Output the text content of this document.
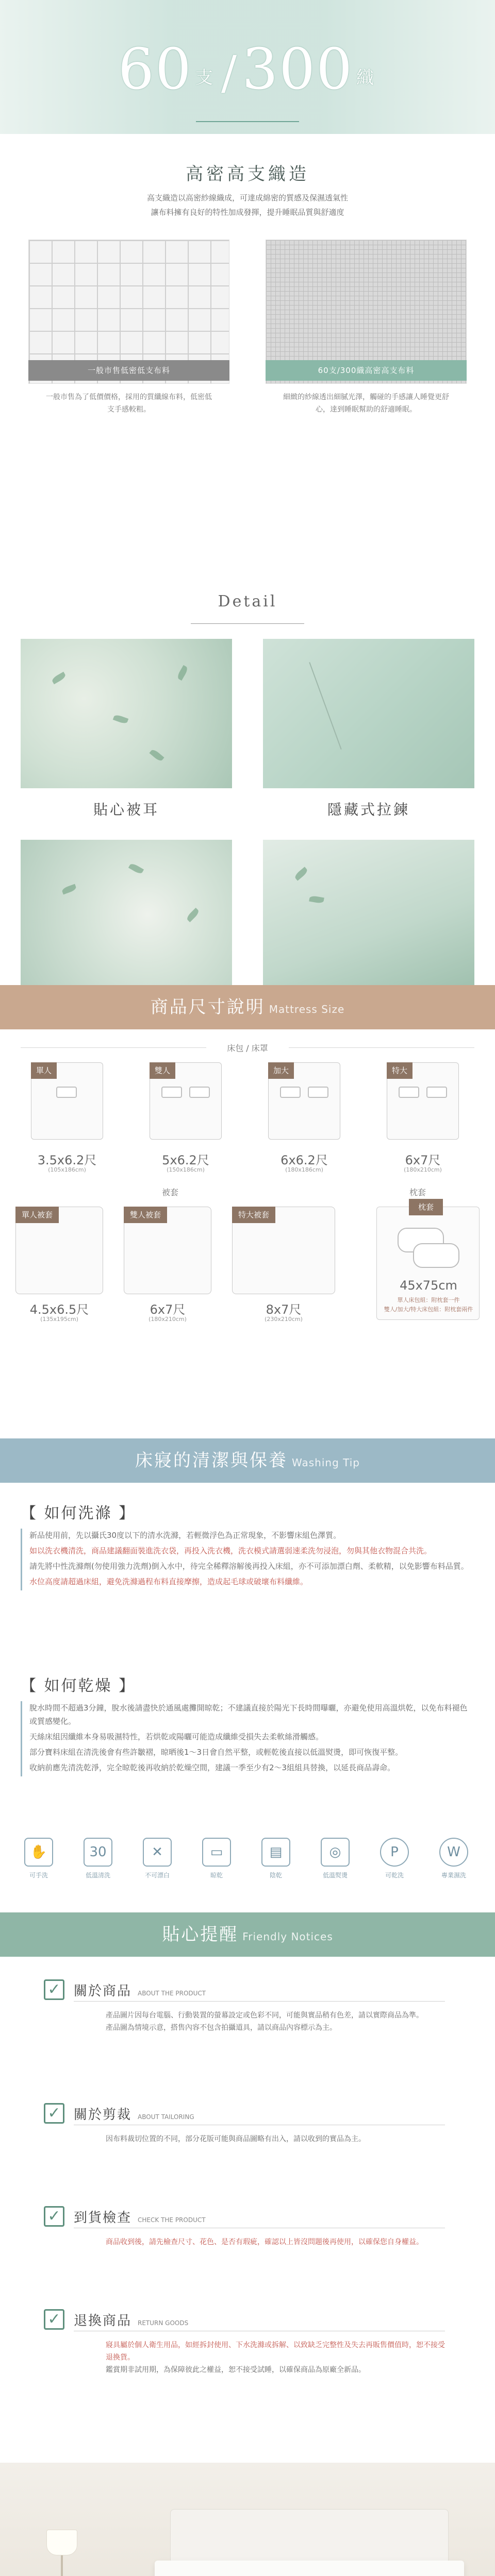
60 支 /300 織
高密高支織造
高支織造以高密紗線織成，可達成綿密的質感及保濕透氣性
讓布料擁有良好的特性加成發揮，提升睡眠品質與舒適度
一般市售低密低支布料
一般市售為了低價價格，採用的質纖線布料，低密低支手感較粗。
60支/300織高密高支布料
細緻的紗線透出細膩光澤，觸碰的手感讓人睡覺更舒心，達到睡眠幫助的舒適睡眠。
Detail
貼心被耳	隱藏式拉鍊
商品尺寸說明 Mattress Size
床包 / 床罩
單人
3.5x6.2尺
(105x186cm)
雙人
5x6.2尺
(150x186cm)
加大
6x6.2尺
(180x186cm)
特大
6x7尺
(180x210cm)
被套	枕套
單人被套
4.5x6.5尺
(135x195cm)
雙人被套
6x7尺
(180x210cm)
特大被套
8x7尺
(230x210cm)
枕套
45x75cm
單人床包組：附枕套一件
雙人/加大/特大床包組：附枕套兩件
床寢的清潔與保養 Washing Tip
【 如何洗滌 】
新品使用前，先以攝氏30度以下的清水洗滌，若輕微浮色為正常現象，不影響床組色澤質。
如以洗衣機清洗，商品建議翻面裝進洗衣袋，再投入洗衣機，洗衣模式請選弱速柔洗勿浸泡，勿與其他衣物混合共洗。
請先將中性洗滌劑(勿使用強力洗劑)倒入水中，待完全稀釋溶解後再投入床組，亦不可添加漂白劑、柔軟精，以免影響布料品質。
水位高度請超過床組，避免洗滌過程布料直接摩擦，造成起毛球或破壞布料纖維。
【 如何乾燥 】
脫水時間不超過3分鐘，脫水後請盡快於通風處攤開晾乾；不建議直接於陽光下長時間曝曬，亦避免使用高溫烘乾，以免布料褪色或質感變化。
天絲床組因纖維本身易吸濕特性，若烘乾或陽曬可能造成纖維受損失去柔軟絲滑觸感。
部分寶料床組在清洗後會有些許皺褶，晾晒後1～3日會自然平整，或輕乾後直接以低溫熨燙，即可恢復平整。
收納前應先清洗乾淨，完全晾乾後再收納於乾燥空間，建議一季至少有2～3組組具替換，以延長商品壽命。
✋
可手洗
30
低溫清洗
✕
不可漂白
▭
晾乾
▤
陰乾
◎
低溫熨燙
P
可乾洗
W
專業濕洗
貼心提醒 Friendly Notices
✓ 關於商品 ABOUT THE PRODUCT
產品圖片因每台電腦、行動裝置的螢幕設定或色彩不同，可能與實品稍有色差，請以實際商品為準。
產品圖為情境示意，搭售內容不包含拍攝道具，請以商品內容標示為主。
✓ 關於剪裁 ABOUT TAILORING
因布料裁切位置的不同，部分花版可能與商品圖略有出入，請以收到的實品為主。
✓ 到貨檢查 CHECK THE PRODUCT
商品收到後，請先檢查尺寸、花色、是否有瑕疵，確認以上皆沒問題後再使用，以確保您自身權益。
✓ 退換商品 RETURN GOODS
寢具屬於個人衛生用品，如經拆封使用、下水洗滌或拆解、以致缺乏完整性及失去再販售價值時，恕不接受退換貨。
鑑賞期非試用期，為保障彼此之權益，恕不接受試睡，以確保商品為原廠全新品。
